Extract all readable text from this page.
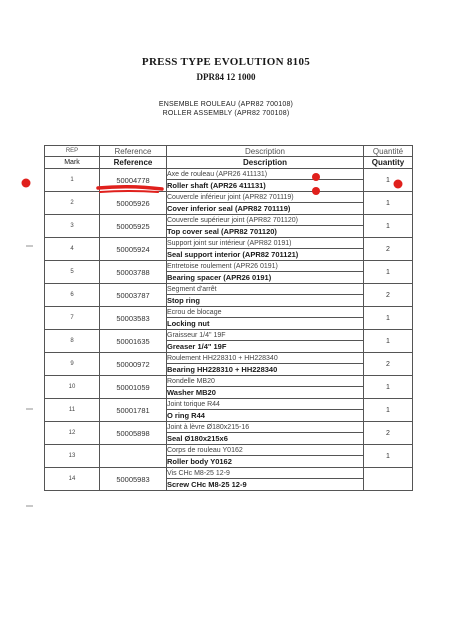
PRESS TYPE EVOLUTION 8105
DPR84 12 1000
ENSEMBLE ROULEAU (APR82 700108)
ROLLER ASSEMBLY (APR82 700108)
REP	Reference	Description	Quantité
Mark	Reference	Description	Quantity
1	50004778	Axe de rouleau (APR26 411131)	1
		Roller shaft (APR26 411131)	
2	50005926	Couvercle inférieur joint (APR82 701119)	1
		Cover inferior seal (APR82 701119)	
3	50005925	Couvercle supérieur joint (APR82 701120)	1
		Top cover seal (APR82 701120)	
4	50005924	Support joint sur intérieur (APR82 0191)	2
		Seal support interior (APR82 701121)	
5	50003788	Entretoise roulement (APR26 0191)	1
		Bearing spacer (APR26 0191)	
6	50003787	Segment d'arrêt	2
		Stop ring	
7	50003583	Ecrou de blocage	1
		Locking nut	
8	50001635	Graisseur 1/4" 19F	1
		Greaser 1/4" 19F	
9	50000972	Roulement HH228310 + HH228340	2
		Bearing HH228310 + HH228340	
10	50001059	Rondelle MB20	1
		Washer MB20	
11	50001781	Joint torique R44	1
		O ring R44	
12	50005898	Joint à lèvre Ø180x215-16	2
		Seal Ø180x215x6	
13		Corps de rouleau Y0162	1
		Roller body Y0162	
14	50005983	Vis CHc M8-25 12-9	
		Screw CHc M8-25 12-9	
